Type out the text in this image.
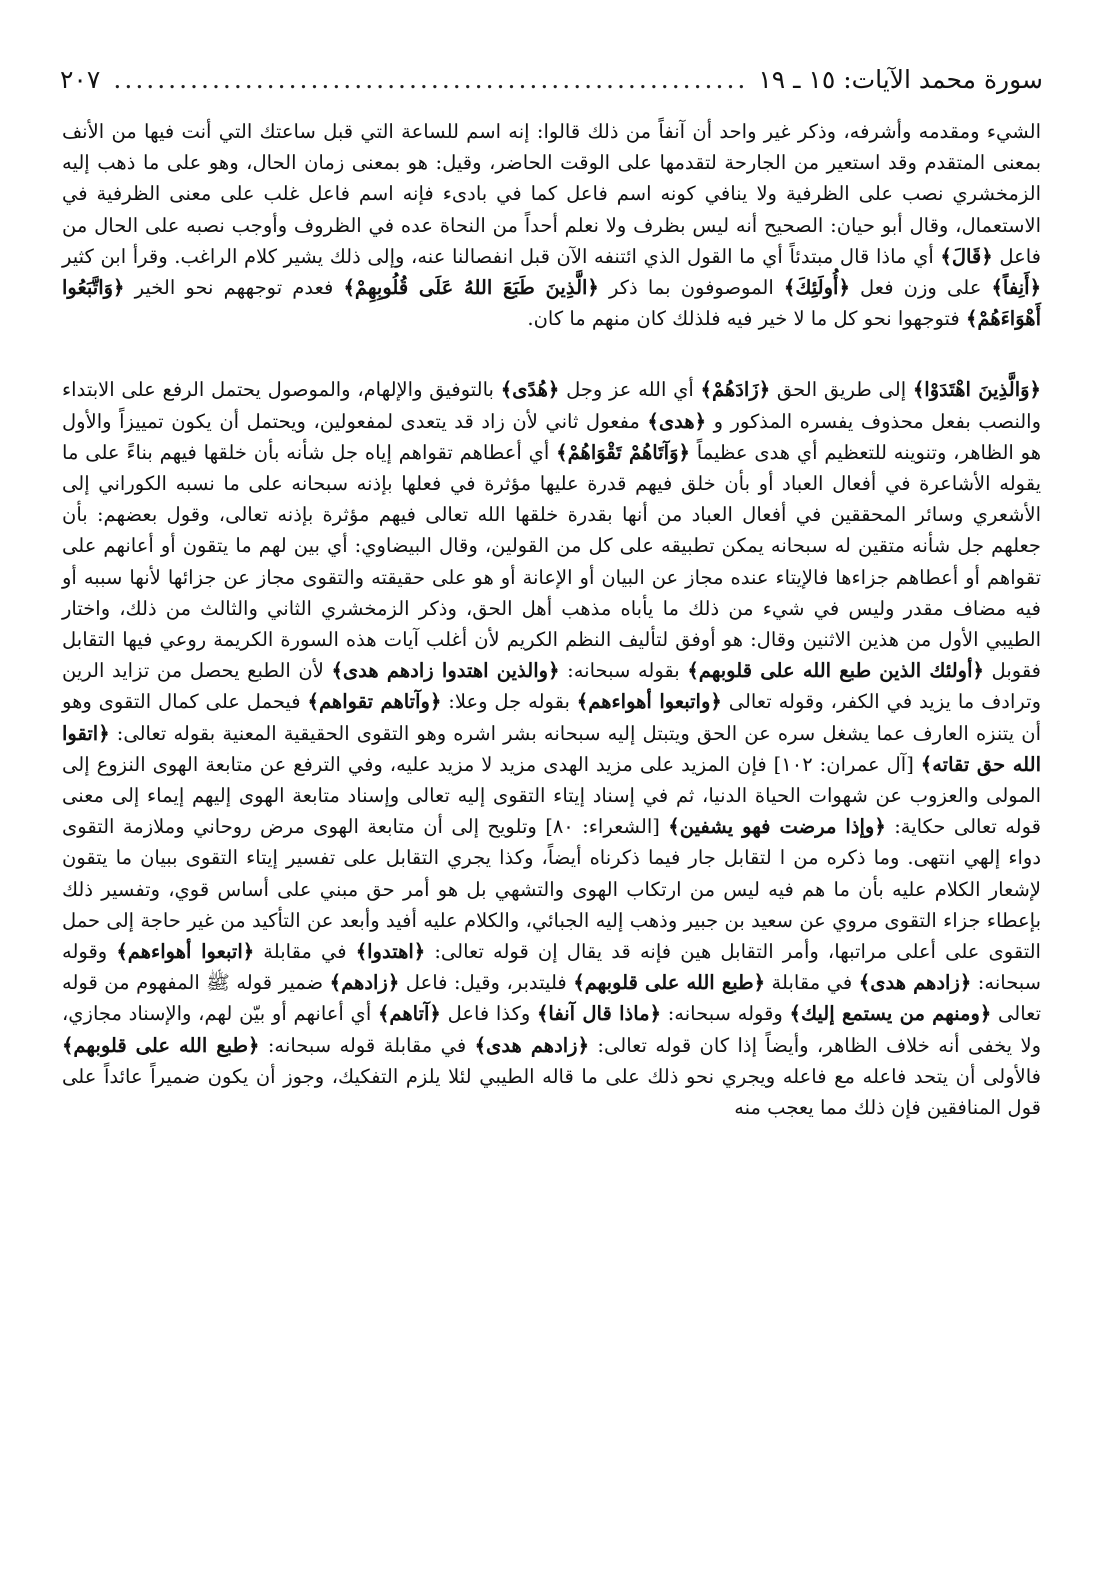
سورة محمد الآيات: ١٥ ـ ١٩
.....
٢٠٧

الشيء ومقدمه وأشرفه، وذكر غير واحد أن آنفاً من ذلك قالوا: إنه اسم للساعة التي قبل ساعتك التي أنت فيها من الأنف بمعنى المتقدم وقد استعير من الجارحة لتقدمها على الوقت الحاضر، وقيل: هو بمعنى زمان الحال، وهو على ما ذهب إليه الزمخشري نصب على الظرفية ولا ينافي كونه اسم فاعل كما في بادىء فإنه اسم فاعل غلب على معنى الظرفية في الاستعمال، وقال أبو حيان: الصحيح أنه ليس بظرف ولا نعلم أحداً من النحاة عده في الظروف وأوجب نصبه على الحال من فاعل ﴿قَالَ﴾ أي ماذا قال مبتدئاً أي ما القول الذي ائتنفه الآن قبل انفصالنا عنه، وإلى ذلك يشير كلام الراغب. وقرأ ابن كثير ﴿أَنِفاً﴾ على وزن فعل ﴿أُولَئِكَ﴾ الموصوفون بما ذكر ﴿الَّذِينَ طَبَعَ اللهُ عَلَى قُلُوبِهِمْ﴾ فعدم توجههم نحو الخير ﴿وَاتَّبَعُوا أَهْوَاءَهُمْ﴾ فتوجهوا نحو كل ما لا خير فيه فلذلك كان منهم ما كان.

﴿وَالَّذِينَ اهْتَدَوْا﴾ إلى طريق الحق ﴿زَادَهُمْ﴾ أي الله عز وجل ﴿هُدًى﴾ بالتوفيق والإلهام، والموصول يحتمل الرفع على الابتداء والنصب بفعل محذوف يفسره المذكور و ﴿هدى﴾ مفعول ثاني لأن زاد قد يتعدى لمفعولين، ويحتمل أن يكون تمييزاً والأول هو الظاهر، وتنوينه للتعظيم أي هدى عظيماً ﴿وَآتَاهُمْ تَقْوَاهُمْ﴾ أي أعطاهم تقواهم إياه جل شأنه بأن خلقها فيهم بناءً على ما يقوله الأشاعرة في أفعال العباد أو بأن خلق فيهم قدرة عليها مؤثرة في فعلها بإذنه سبحانه على ما نسبه الكوراني إلى الأشعري وسائر المحققين في أفعال العباد من أنها بقدرة خلقها الله تعالى فيهم مؤثرة بإذنه تعالى، وقول بعضهم: بأن جعلهم جل شأنه متقين له سبحانه يمكن تطبيقه على كل من القولين، وقال البيضاوي: أي بين لهم ما يتقون أو أعانهم على تقواهم أو أعطاهم جزاءها فالإيتاء عنده مجاز عن البيان أو الإعانة أو هو على حقيقته والتقوى مجاز عن جزائها لأنها سببه أو فيه مضاف مقدر وليس في شيء من ذلك ما يأباه مذهب أهل الحق، وذكر الزمخشري الثاني والثالث من ذلك، واختار الطيبي الأول من هذين الاثنين وقال: هو أوفق لتأليف النظم الكريم لأن أغلب آيات هذه السورة الكريمة روعي فيها التقابل فقوبل ﴿أولئك الذين طبع الله على قلوبهم﴾ بقوله سبحانه: ﴿والذين اهتدوا زادهم هدى﴾ لأن الطبع يحصل من تزايد الرين وترادف ما يزيد في الكفر، وقوله تعالى ﴿واتبعوا أهواءهم﴾ بقوله جل وعلا: ﴿وآتاهم تقواهم﴾ فيحمل على كمال التقوى وهو أن يتنزه العارف عما يشغل سره عن الحق ويتبتل إليه سبحانه بشر اشره وهو التقوى الحقيقية المعنية بقوله تعالى: ﴿اتقوا الله حق تقاته﴾ [آل عمران: ١٠٢] فإن المزيد على مزيد الهدى مزيد لا مزيد عليه، وفي الترفع عن متابعة الهوى النزوع إلى المولى والعزوب عن شهوات الحياة الدنيا، ثم في إسناد إيتاء التقوى إليه تعالى وإسناد متابعة الهوى إليهم إيماء إلى معنى قوله تعالى حكاية: ﴿وإذا مرضت فهو يشفين﴾ [الشعراء: ٨٠] وتلويح إلى أن متابعة الهوى مرض روحاني وملازمة التقوى دواء إلهي انتهى. وما ذكره من ا لتقابل جار فيما ذكرناه أيضاً، وكذا يجري التقابل على تفسير إيتاء التقوى ببيان ما يتقون لإشعار الكلام عليه بأن ما هم فيه ليس من ارتكاب الهوى والتشهي بل هو أمر حق مبني على أساس قوي، وتفسير ذلك بإعطاء جزاء التقوى مروي عن سعيد بن جبير وذهب إليه الجبائي، والكلام عليه أفيد وأبعد عن التأكيد من غير حاجة إلى حمل التقوى على أعلى مراتبها، وأمر التقابل هين فإنه قد يقال إن قوله تعالى: ﴿اهتدوا﴾ في مقابلة ﴿اتبعوا أهواءهم﴾ وقوله سبحانه: ﴿زادهم هدى﴾ في مقابلة ﴿طبع الله على قلوبهم﴾ فليتدبر، وقيل: فاعل ﴿زادهم﴾ ضمير قوله ﷺ المفهوم من قوله تعالى ﴿ومنهم من يستمع إليك﴾ وقوله سبحانه: ﴿ماذا قال آنفا﴾ وكذا فاعل ﴿آتاهم﴾ أي أعانهم أو بيّن لهم، والإسناد مجازي، ولا يخفى أنه خلاف الظاهر، وأيضاً إذا كان قوله تعالى: ﴿زادهم هدى﴾ في مقابلة قوله سبحانه: ﴿طبع الله على قلوبهم﴾ فالأولى أن يتحد فاعله مع فاعله ويجري نحو ذلك على ما قاله الطيبي لئلا يلزم التفكيك، وجوز أن يكون ضميراً عائداً على قول المنافقين فإن ذلك مما يعجب منه
